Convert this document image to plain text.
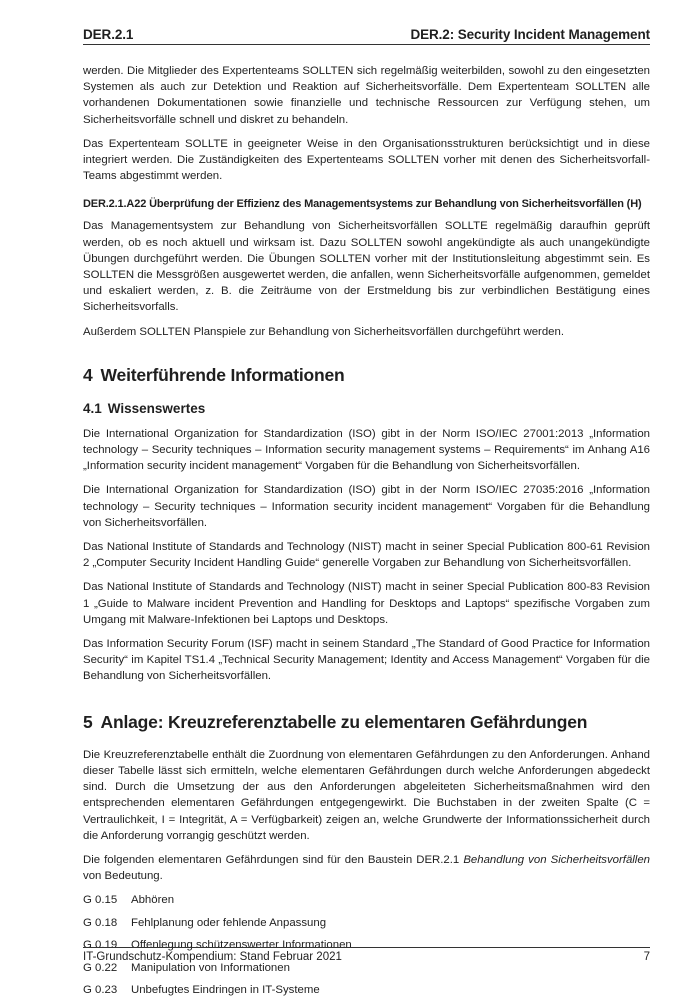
DER.2.1	DER.2: Security Incident Management

werden. Die Mitglieder des Expertenteams SOLLTEN sich regelmäßig weiterbilden, sowohl zu den eingesetzten Systemen als auch zur Detektion und Reaktion auf Sicherheitsvorfälle. Dem Expertenteam SOLLTEN alle vorhandenen Dokumentationen sowie finanzielle und technische Ressourcen zur Verfügung stehen, um Sicherheitsvorfälle schnell und diskret zu behandeln.

Das Expertenteam SOLLTE in geeigneter Weise in den Organisationsstrukturen berücksichtigt und in diese integriert werden. Die Zuständigkeiten des Expertenteams SOLLTEN vorher mit denen des Sicherheitsvorfall-Teams abgestimmt werden.

DER.2.1.A22 Überprüfung der Effizienz des Managementsystems zur Behandlung von Sicherheitsvorfällen (H)

Das Managementsystem zur Behandlung von Sicherheitsvorfällen SOLLTE regelmäßig daraufhin geprüft werden, ob es noch aktuell und wirksam ist. Dazu SOLLTEN sowohl angekündigte als auch unangekündigte Übungen durchgeführt werden. Die Übungen SOLLTEN vorher mit der Institutionsleitung abgestimmt sein. Es SOLLTEN die Messgrößen ausgewertet werden, die anfallen, wenn Sicherheitsvorfälle aufgenommen, gemeldet und eskaliert werden, z. B. die Zeiträume von der Erstmeldung bis zur verbindlichen Bestätigung eines Sicherheitsvorfalls.

Außerdem SOLLTEN Planspiele zur Behandlung von Sicherheitsvorfällen durchgeführt werden.

4 Weiterführende Informationen
4.1 Wissenswertes

Die International Organization for Standardization (ISO) gibt in der Norm ISO/IEC 27001:2013 „Information technology – Security techniques – Information security management systems – Requirements“ im Anhang A16 „Information security incident management“ Vorgaben für die Behandlung von Sicherheitsvorfällen.

Die International Organization for Standardization (ISO) gibt in der Norm ISO/IEC 27035:2016 „Information technology – Security techniques – Information security incident management“ Vorgaben für die Behandlung von Sicherheitsvorfällen.

Das National Institute of Standards and Technology (NIST) macht in seiner Special Publication 800-61 Revision 2 „Computer Security Incident Handling Guide“ generelle Vorgaben zur Behandlung von Sicherheitsvorfällen.

Das National Institute of Standards and Technology (NIST) macht in seiner Special Publication 800-83 Revision 1 „Guide to Malware incident Prevention and Handling for Desktops and Laptops“ spezifische Vorgaben zum Umgang mit Malware-Infektionen bei Laptops und Desktops.

Das Information Security Forum (ISF) macht in seinem Standard „The Standard of Good Practice for Information Security“ im Kapitel TS1.4 „Technical Security Management; Identity and Access Management“ Vorgaben für die Behandlung von Sicherheitsvorfällen.

5 Anlage: Kreuzreferenztabelle zu elementaren Gefährdungen

Die Kreuzreferenztabelle enthält die Zuordnung von elementaren Gefährdungen zu den Anforderungen. Anhand dieser Tabelle lässt sich ermitteln, welche elementaren Gefährdungen durch welche Anforderungen abgedeckt sind. Durch die Umsetzung der aus den Anforderungen abgeleiteten Sicherheitsmaßnahmen wird den entsprechenden elementaren Gefährdungen entgegengewirkt. Die Buchstaben in der zweiten Spalte (C = Vertraulichkeit, I = Integrität, A = Verfügbarkeit) zeigen an, welche Grundwerte der Informationssicherheit durch die Anforderung vorrangig geschützt werden.

Die folgenden elementaren Gefährdungen sind für den Baustein DER.2.1 Behandlung von Sicherheitsvorfällen von Bedeutung.

G 0.15	Abhören
G 0.18	Fehlplanung oder fehlende Anpassung
G 0.19	Offenlegung schützenswerter Informationen
G 0.22	Manipulation von Informationen
G 0.23	Unbefugtes Eindringen in IT-Systeme
IT-Grundschutz-Kompendium: Stand Februar 2021	7
